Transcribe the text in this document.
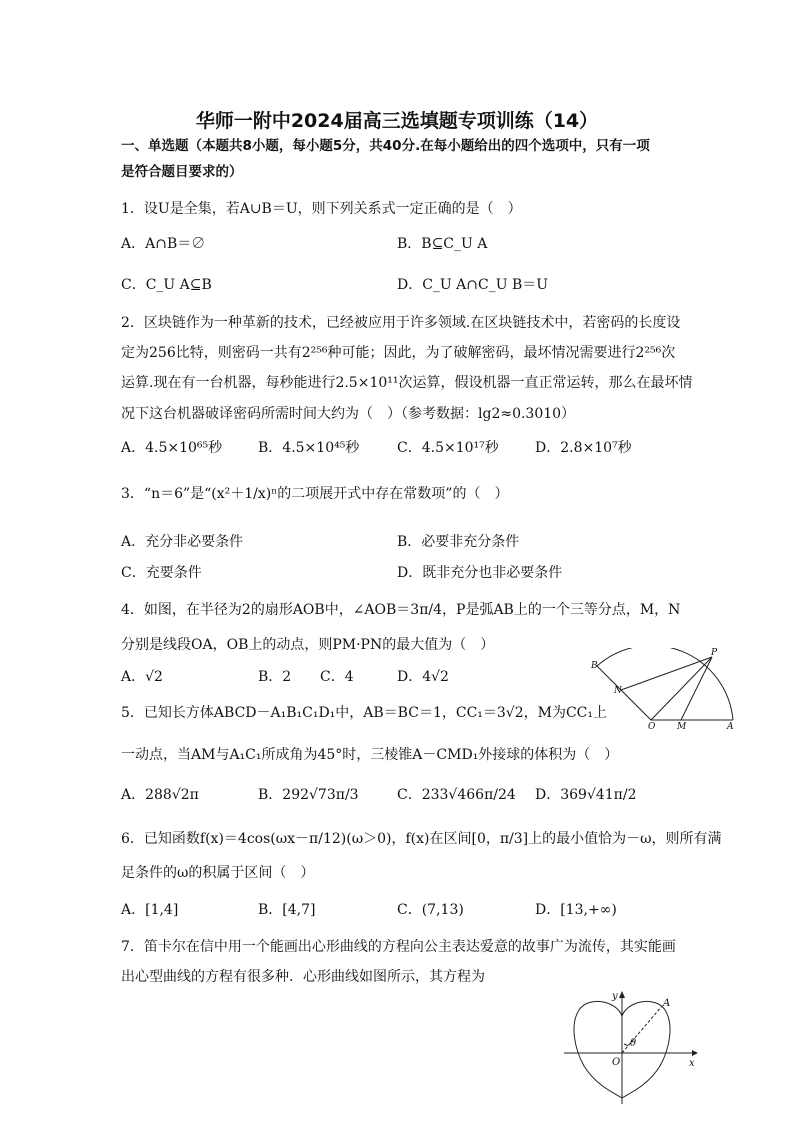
华师一附中2024届高三选填题专项训练（14）
一、单选题（本题共8小题，每小题5分，共40分.在每小题给出的四个选项中，只有一项
是符合题目要求的）
1．设U是全集，若A∪B＝U，则下列关系式一定正确的是（　）
A．A∩B＝∅	B．B⊆C_U A
C．C_U A⊆B	D．C_U A∩C_U B＝U
2．区块链作为一种革新的技术，已经被应用于许多领域.在区块链技术中，若密码的长度设
定为256比特，则密码一共有2²⁵⁶种可能；因此，为了破解密码，最坏情况需要进行2²⁵⁶次
运算.现在有一台机器，每秒能进行2.5×10¹¹次运算，假设机器一直正常运转，那么在最坏情
况下这台机器破译密码所需时间大约为（　）（参考数据：lg2≈0.3010）
A．4.5×10⁶⁵秒	B．4.5×10⁴⁵秒	C．4.5×10¹⁷秒	D．2.8×10⁷秒
3．“n＝6”是“(x²＋1/x)ⁿ的二项展开式中存在常数项”的（　）
A．充分非必要条件	B．必要非充分条件
C．充要条件	D．既非充分也非必要条件
4．如图，在半径为2的扇形AOB中，∠AOB＝3π/4，P是弧AB上的一个三等分点，M，N
分别是线段OA，OB上的动点，则PM·PN的最大值为（　）
A．√2	B．2 C．4	D．4√2
B
P
N
O M	A
5．已知长方体ABCD－A₁B₁C₁D₁中，AB＝BC＝1，CC₁＝3√2，M为CC₁上
一动点，当AM与A₁C₁所成角为45°时，三棱锥A－CMD₁外接球的体积为（　）
A．288√2π	B．292√73π/3	C．233√466π/24 D．369√41π/2
6．已知函数f(x)＝4cos(ωx－π/12)(ω＞0)，f(x)在区间[0，π/3]上的最小值恰为－ω，则所有满
足条件的ω的积属于区间（　）
A．[1,4]	B．[4,7]	C．(7,13)	D．[13,+∞)
7．笛卡尔在信中用一个能画出心形曲线的方程向公主表达爱意的故事广为流传，其实能画
出心型曲线的方程有很多种．心形曲线如图所示，其方程为
y
x
A
O
θ
